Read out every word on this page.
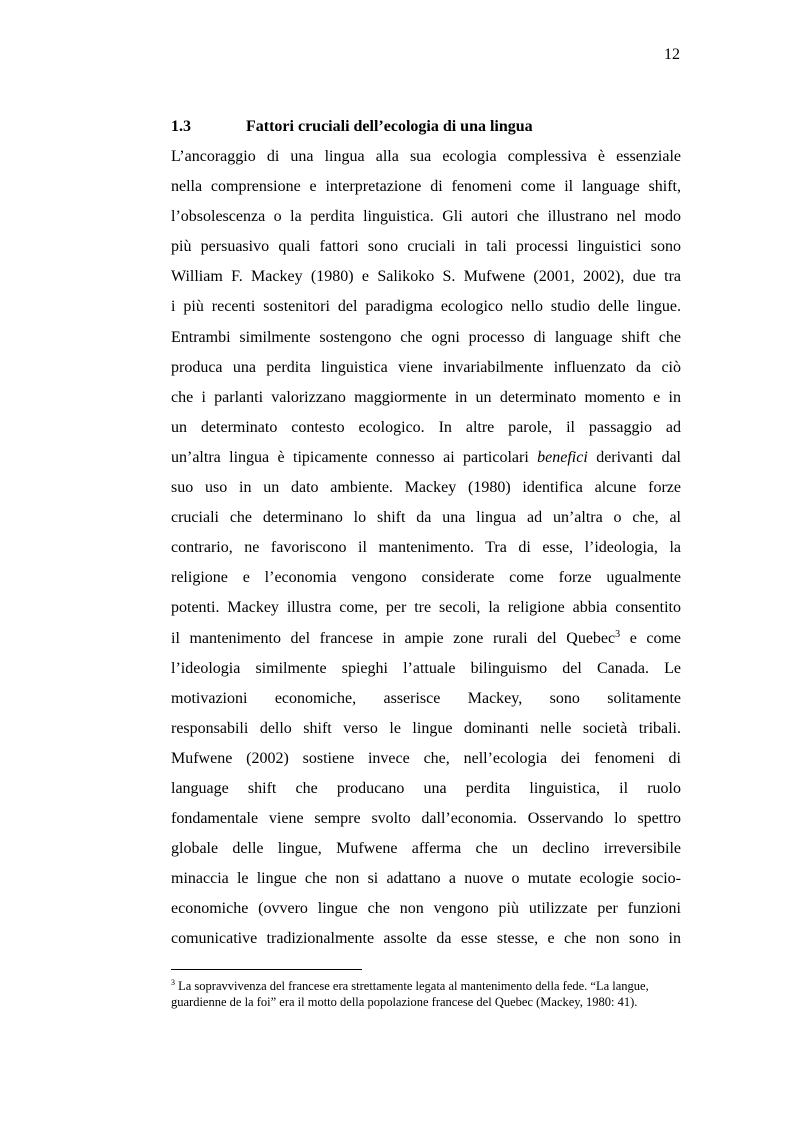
12
1.3	Fattori cruciali dell’ecologia di una lingua
L’ancoraggio di una lingua alla sua ecologia complessiva è essenziale
nella comprensione e interpretazione di fenomeni come il language shift,
l’obsolescenza o la perdita linguistica. Gli autori che illustrano nel modo
più persuasivo quali fattori sono cruciali in tali processi linguistici sono
William F. Mackey (1980) e Salikoko S. Mufwene (2001, 2002), due tra
i più recenti sostenitori del paradigma ecologico nello studio delle lingue.
Entrambi similmente sostengono che ogni processo di language shift che
produca una perdita linguistica viene invariabilmente influenzato da ciò
che i parlanti valorizzano maggiormente in un determinato momento e in
un determinato contesto ecologico. In altre parole, il passaggio ad
un’altra lingua è tipicamente connesso ai particolari benefici derivanti dal
suo uso in un dato ambiente. Mackey (1980) identifica alcune forze
cruciali che determinano lo shift da una lingua ad un’altra o che, al
contrario, ne favoriscono il mantenimento. Tra di esse, l’ideologia, la
religione e l’economia vengono considerate come forze ugualmente
potenti. Mackey illustra come, per tre secoli, la religione abbia consentito
il mantenimento del francese in ampie zone rurali del Quebec$^3$ e come
l’ideologia similmente spieghi l’attuale bilinguismo del Canada. Le
motivazioni economiche, asserisce Mackey, sono solitamente
responsabili dello shift verso le lingue dominanti nelle società tribali.
Mufwene (2002) sostiene invece che, nell’ecologia dei fenomeni di
language shift che producano una perdita linguistica, il ruolo
fondamentale viene sempre svolto dall’economia. Osservando lo spettro
globale delle lingue, Mufwene afferma che un declino irreversibile
minaccia le lingue che non si adattano a nuove o mutate ecologie socio-
economiche (ovvero lingue che non vengono più utilizzate per funzioni
comunicative tradizionalmente assolte da esse stesse, e che non sono in
$^3$ La sopravvivenza del francese era strettamente legata al mantenimento della fede. “La langue,
guardienne de la foi” era il motto della popolazione francese del Quebec (Mackey, 1980: 41).
